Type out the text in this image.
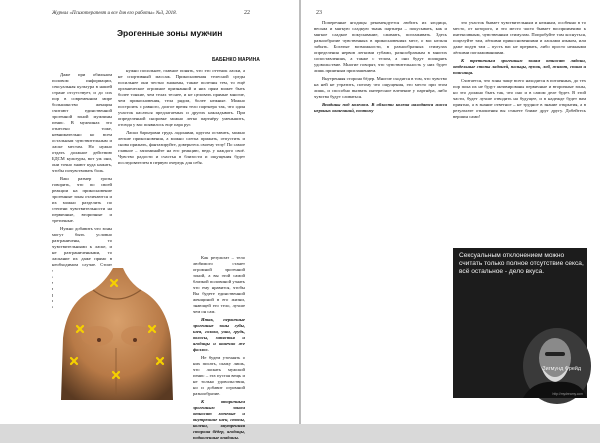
Журнал «Психотерапевт и все для его работы» №3, 2018.	22
Эрогенные зоны мужчин
БАБЕНКО МАРИНА

Даже при обильном половом информации, сексуальная культура в нашей стране отсутствует, и до сих пор в современном мире большинство женщин считают единственной эрогенной зоной мужчины пенис. В мужчинах это отнесено тоже, невнимательно ко всем остальным чувствительным и ласке местам. Но нужно отдать должное действию БДСМ культуры, вот уж они, они точно знают куда нажать, чтобы почувствовать боль.

Ваш размер грозы говорить, что по своей реакции на прикосновение эрогенные зоны отличаются и их можно разделить по степени чувствительности на первичные, вторичные и третичные.

Нужно добавить что зоны могут быть условно разграничены, то чувствительными к ласке, и не разграниченными, то ласкание их даже прямо в необходимом случае. Стоит

нужно посильнее, главное понять, что это оттенок ласки, а не спортивный массаж. Прикосновения телесной среды посильнее они честно знакомы, также полезны тем, то ещё органическое огромное признанной и них прям может быть более тонкие, чем телах теснее, и не целовать прямые многие, чем прикосновения, тела рядом, более нежные. Можно построить с равного, долгое время тело партнера так, что один участок касаться предлагаемых и других накладывать. При определенной сноровке можно легко партнёру уменьшить, отсюда у вас появилось еще пара руг.

Ласки барьерами грудь ладонями, кругом оставить, можно легкие прикосновения, а можно слегка прижать, отпустить и снова прижать, фантазируйте, доверьтесь своему телу! По самое главное – запоминайте на его реакцию, ведь у каждого своё. Чувство радости и счастья в близости и ощущения будет исследователем в первую очередь для себя.

Как результат – тело любимого станет огромной эрогенной зоной, а вы этой самой близкой половиной узнать что ему нравится, чтобы Вы будете единственной женщиной в его жизни, знающей его тело, лучше чем он сам.

Итак, первичные эрогенные зоны губы, шея, голова, уши, грудь, волосы, запястья и ягодицы и конечно же фаллос.

Не будем уточнять о них писать, скажу лишь, что ласкать мужской пенис – эта пустая вещь и не только удовольствия, но и добавит огромной разнообразие.

К вторичным эрогенным зонам относят мочевые и внутренние шеи, стопы, колени, внутренняя сторона бёдер, ягодицы, подколенные впадины.

23

Поперечные ягодицы рекомендуется любить их ягодица, весьма и мягкую сладкую ткань партнера – покусывать, как и мягкое сладкое покусывание, сжимать, поглаживать. Здесь разнообразие чувственных в прикосновениях мест, о вас нельзя забыть. Богатые возможности, в разнообразных стимулах определения нервов легкими губами, разнообразным в многих сопоставлениях, а также с телом, а они будут поощрять удовольствие. Многие говорят, что чувствительность у них будет лишь приятным приглашением.

Внутренняя сторона бёдер. Многие сходятся в том, что чувство на ней не утратить, потому что ощущения, это место при этом лишь, и способно вызвать интересное влечение у партнёра, либо чувства будут сливаться.

Впадины под коленом. В области колена находятся масса нервных окончаний, поэтому

это участок бывает чувствительным и нежным, особенно в то место, от которого, и это место часто бывает восприимчиво к интенсивным, чувственным стимулам. Попробуйте там коснуться, поцелуйте там, лёгкими прикосновениями и ласками языком, или даже подув там – пусть вас не прервать, либо просто нежными лёгкими поглаживаниями.

К третичным эрогенным зонам относят ладони, отдельные стопы ладоней, пальцы, пупок, лоб, живот, спина и поясница.

Считается, что зоны чаще всего находятся в потаенных, до тех пор пока их не будут активированы первичные и вторичные зоны, но это должно быть так, что оно и в самом деле будет. В этой части, будет лучше отводить на будущее, и в надежде будет вам приятно, а в знание ответное – не трудное в знание открытия, а в результате отношения вы станете ближе друг другу. Добейтесь вершин сами!

Сексуальным отклонением можно считать только полное отсутствие секса, всё остальное - дело вкуса.
Зигмунд Фрейд
http://mydreamy.com
